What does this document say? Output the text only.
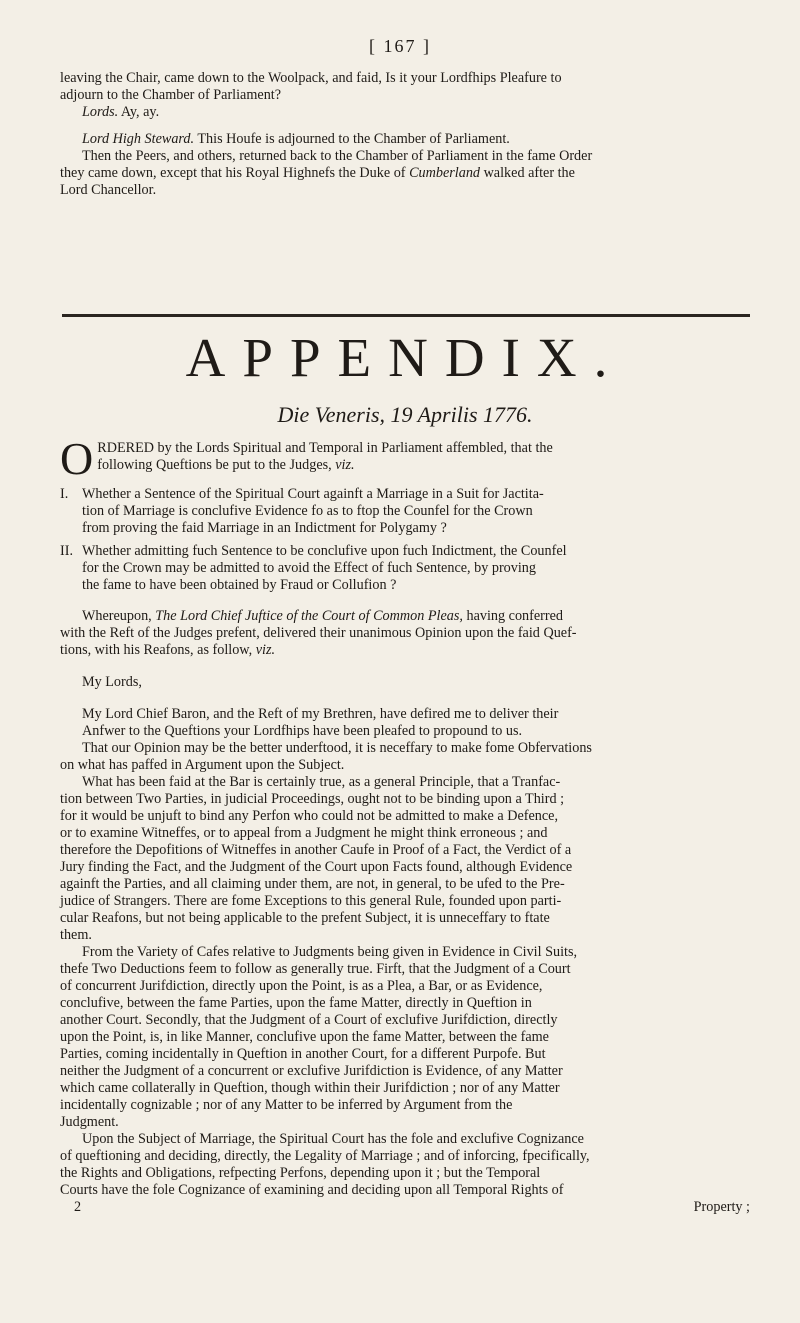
[ 167 ]
leaving the Chair, came down to the Woolpack, and faid, Is it your Lordfhips Pleafure to
adjourn to the Chamber of Parliament?
Lords. Ay, ay.
Lord High Steward. This Houfe is adjourned to the Chamber of Parliament.
Then the Peers, and others, returned back to the Chamber of Parliament in the fame Order
they came down, except that his Royal Highnefs the Duke of Cumberland walked after the
Lord Chancellor.
APPENDIX.
Die Veneris, 19 Aprilis 1776.
O RDERED by the Lords Spiritual and Temporal in Parliament affembled, that the
following Queftions be put to the Judges, viz.
I. Whether a Sentence of the Spiritual Court againft a Marriage in a Suit for Jactita-
tion of Marriage is conclufive Evidence fo as to ftop the Counfel for the Crown
from proving the faid Marriage in an Indictment for Polygamy ?
II. Whether admitting fuch Sentence to be conclufive upon fuch Indictment, the Counfel
for the Crown may be admitted to avoid the Effect of fuch Sentence, by proving
the fame to have been obtained by Fraud or Collufion ?
Whereupon, The Lord Chief Juftice of the Court of Common Pleas, having conferred
with the Reft of the Judges prefent, delivered their unanimous Opinion upon the faid Quef-
tions, with his Reafons, as follow, viz.
My Lords,

My Lord Chief Baron, and the Reft of my Brethren, have defired me to deliver their
Anfwer to the Queftions your Lordfhips have been pleafed to propound to us.

That our Opinion may be the better underftood, it is neceffary to make fome Obfervations
on what has paffed in Argument upon the Subject.

What has been faid at the Bar is certainly true, as a general Principle, that a Tranfac-
tion between Two Parties, in judicial Proceedings, ought not to be binding upon a Third ;
for it would be unjuft to bind any Perfon who could not be admitted to make a Defence,
or to examine Witneffes, or to appeal from a Judgment he might think erroneous ; and
therefore the Depofitions of Witneffes in another Caufe in Proof of a Fact, the Verdict of a
Jury finding the Fact, and the Judgment of the Court upon Facts found, although Evidence
againft the Parties, and all claiming under them, are not, in general, to be ufed to the Pre-
judice of Strangers. There are fome Exceptions to this general Rule, founded upon parti-
cular Reafons, but not being applicable to the prefent Subject, it is unneceffary to ftate
them.

From the Variety of Cafes relative to Judgments being given in Evidence in Civil Suits,
thefe Two Deductions feem to follow as generally true. Firft, that the Judgment of a Court
of concurrent Jurifdiction, directly upon the Point, is as a Plea, a Bar, or as Evidence,
conclufive, between the fame Parties, upon the fame Matter, directly in Queftion in
another Court. Secondly, that the Judgment of a Court of exclufive Jurifdiction, directly
upon the Point, is, in like Manner, conclufive upon the fame Matter, between the fame
Parties, coming incidentally in Queftion in another Court, for a different Purpofe. But
neither the Judgment of a concurrent or exclufive Jurifdiction is Evidence, of any Matter
which came collaterally in Queftion, though within their Jurifdiction ; nor of any Matter
incidentally cognizable ; nor of any Matter to be inferred by Argument from the
Judgment.

Upon the Subject of Marriage, the Spiritual Court has the fole and exclufive Cognizance
of queftioning and deciding, directly, the Legality of Marriage ; and of inforcing, fpecifically,
the Rights and Obligations, refpecting Perfons, depending upon it ; but the Temporal
Courts have the fole Cognizance of examining and deciding upon all Temporal Rights of

2	Property ;
